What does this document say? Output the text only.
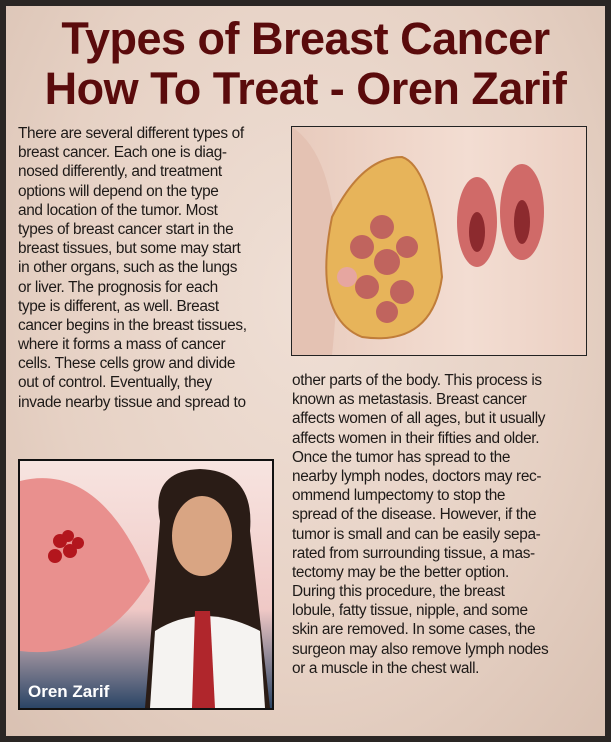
Types of Breast Cancer
How To Treat - Oren Zarif
There are several different types of
breast cancer. Each one is diag-
nosed differently, and treatment
options will depend on the type
and location of the tumor. Most
types of breast cancer start in the
breast tissues, but some may start
in other organs, such as the lungs
or liver. The prognosis for each
type is different, as well. Breast
cancer begins in the breast tissues,
where it forms a mass of cancer
cells. These cells grow and divide
out of control. Eventually, they
invade nearby tissue and spread to
other parts of the body. This process is
known as metastasis. Breast cancer
affects women of all ages, but it usually
affects women in their fifties and older.
Once the tumor has spread to the
nearby lymph nodes, doctors may rec-
ommend lumpectomy to stop the
spread of the disease. However, if the
tumor is small and can be easily sepa-
rated from surrounding tissue, a mas-
tectomy may be the better option.
During this procedure, the breast
lobule, fatty tissue, nipple, and some
skin are removed. In some cases, the
surgeon may also remove lymph nodes
or a muscle in the chest wall.
Oren Zarif
